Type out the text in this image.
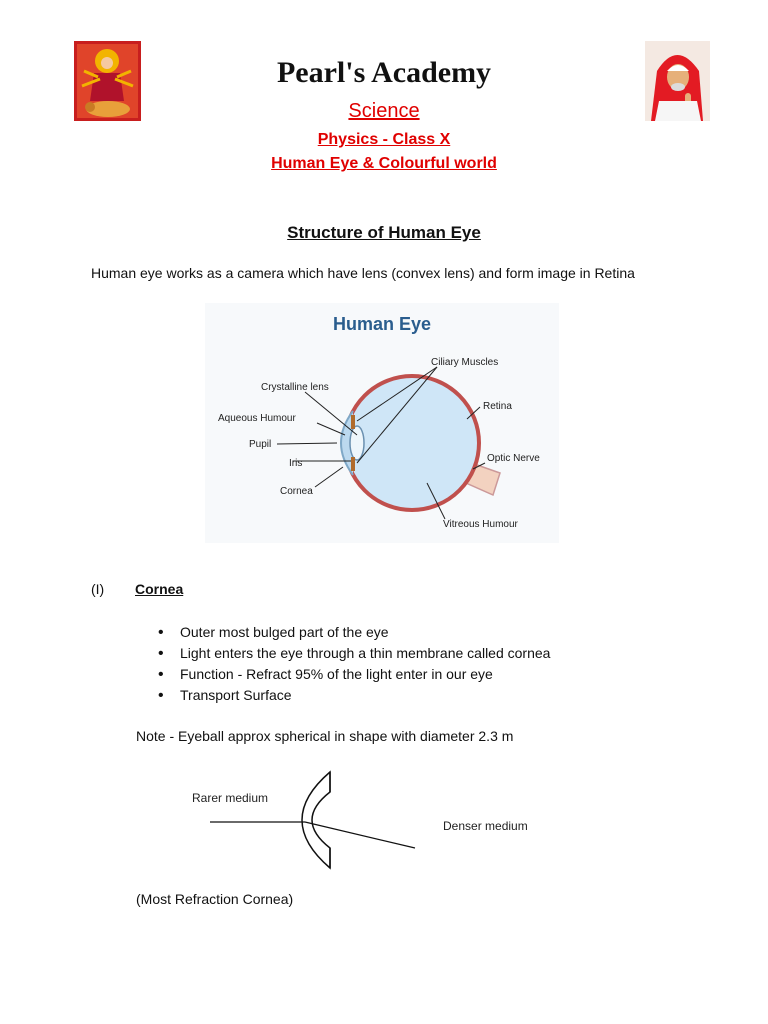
Pearl's Academy
Science
Physics - Class X
Human Eye & Colourful world
Structure of Human Eye
Human eye works as a camera which have lens (convex lens) and form image in Retina
Human Eye
Ciliary Muscles
Crystalline lens
Aqueous Humour
Pupil
Iris
Cornea
Retina
Optic Nerve
Vitreous Humour
(I) Cornea
• Outer most bulged part of the eye
• Light enters the eye through a thin membrane called cornea
• Function - Refract 95% of the light enter in our eye
• Transport Surface
Note - Eyeball approx spherical in shape with diameter 2.3 m
Rarer medium
Denser medium
(Most Refraction Cornea)
